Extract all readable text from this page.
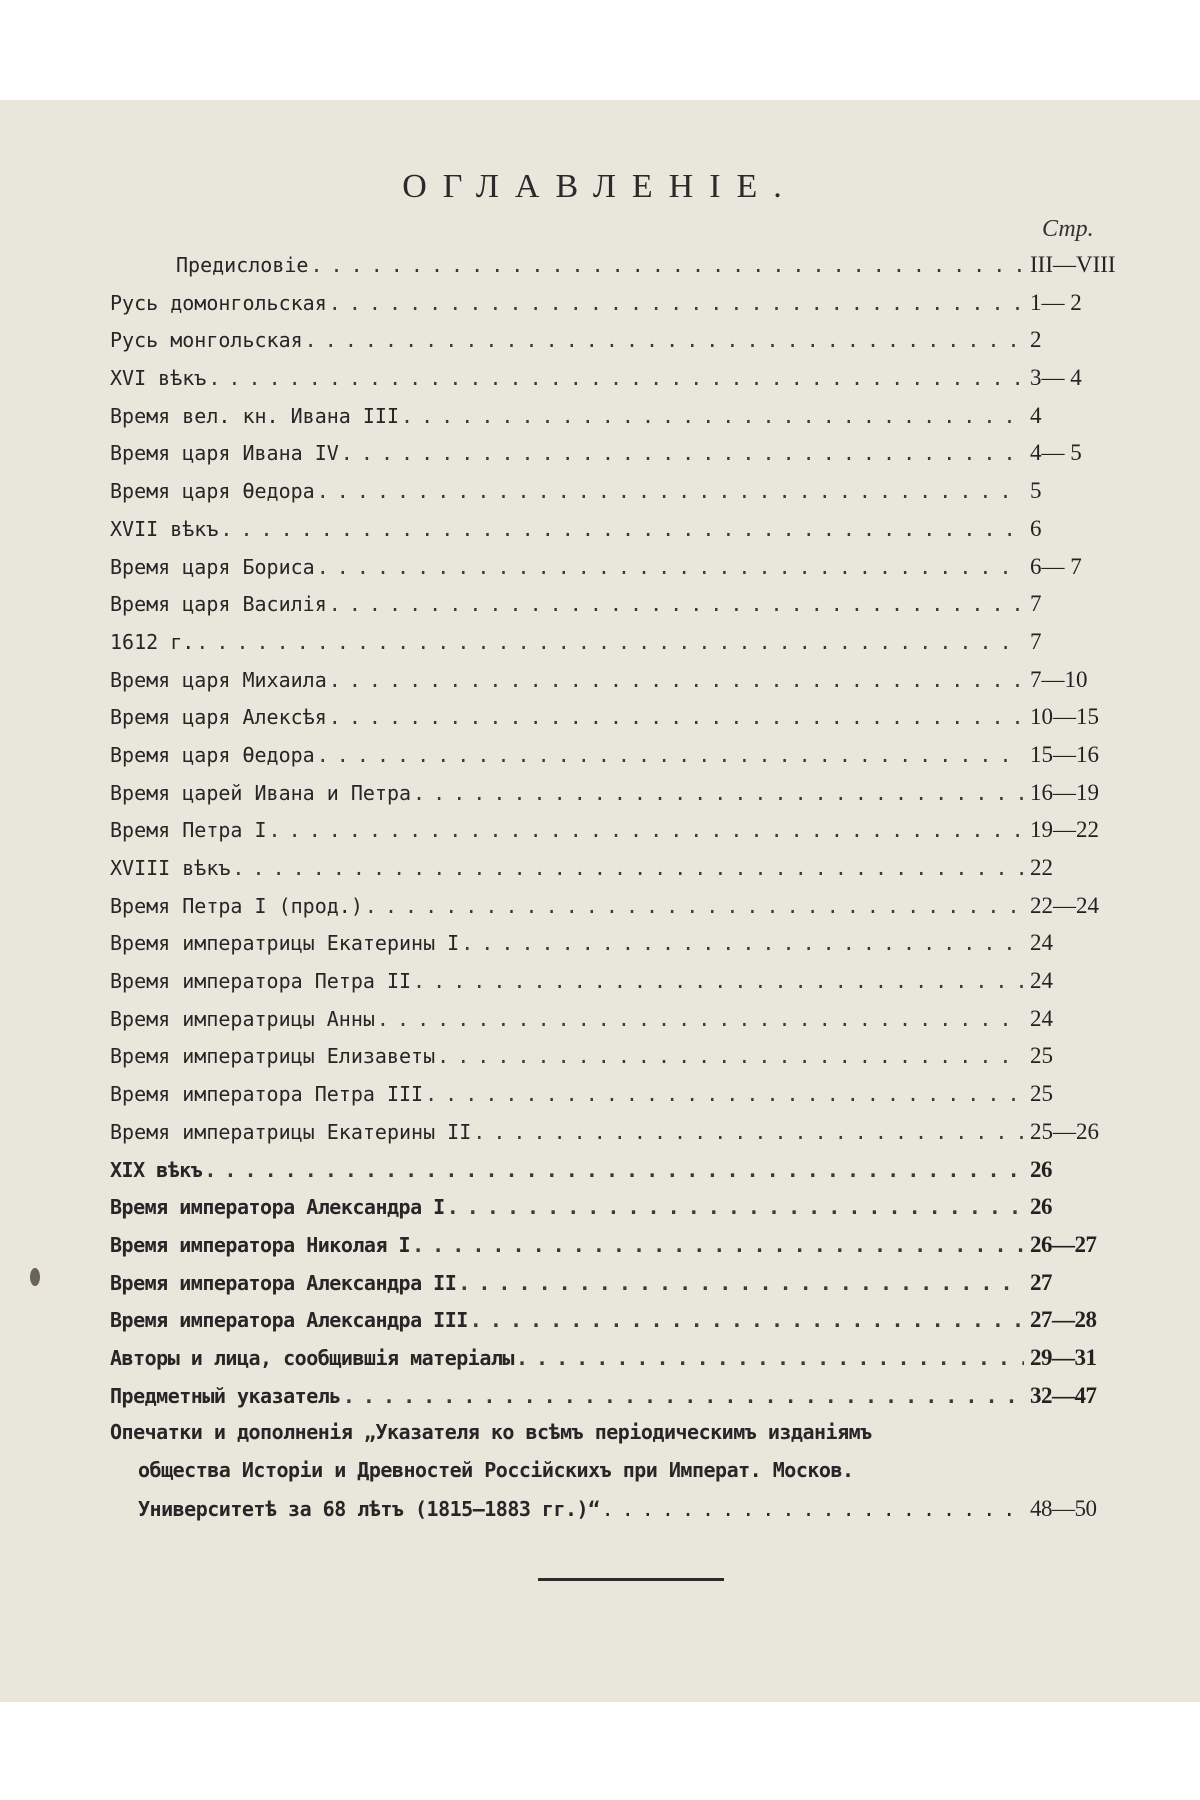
ОГЛАВЛЕНIЕ.
Стр.
Предисловie . . .	III—VIII
Русь домонгольская . . .	1— 2
Русь монгольская . . .	2
XVI вѣкъ . . .	3— 4
Время вел. кн. Ивана III . . .	4
Время царя Ивана IV . . .	4— 5
Время царя Ѳедора . . .	5
XVII вѣкъ . . .	6
Время царя Бориса . . .	6— 7
Время царя Василiя . . .	7
1612 г. . . .	7
Время царя Михаила . . .	7—10
Время царя Алексѣя . . .	10—15
Время царя Ѳедора . . .	15—16
Время царей Ивана и Петра . . .	16—19
Время Петра I . . .	19—22
XVIII вѣкъ . . .	22
Время Петра I (прод.) . . .	22—24
Время императрицы Екатерины I . . .	24
Время императора Петра II . . .	24
Время императрицы Анны . . .	24
Время императрицы Елизаветы . . .	25
Время императора Петра III . . .	25
Время императрицы Екатерины II . . .	25—26
XIX вѣкъ . . .	26
Время императора Александра I . . .	26
Время императора Николая I . . .	26—27
Время императора Александра II . . .	27
Время императора Александра III . . .	27—28
Авторы и лица, сообщившiя матерiалы . . .	29—31
Предметный указатель . . .	32—47
Опечатки и дополненiя „Указателя ко всѣмъ перiодическимъ изданiямъ
общества Исторiи и Древностей Россiйскихъ при Императ. Москов.
Университетѣ за 68 лѣтъ (1815—1883 гг.)“ . . .	48—50
